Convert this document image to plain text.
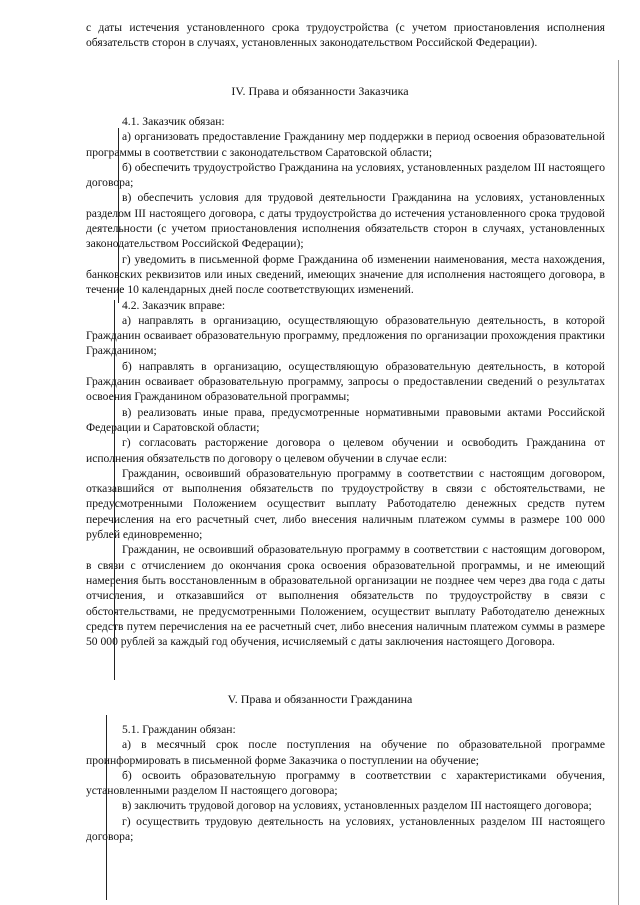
с даты истечения установленного срока трудоустройства (с учетом приостановления исполнения обязательств сторон в случаях, установленных законодательством Российской Федерации).

IV. Права и обязанности Заказчика

4.1. Заказчик обязан:

а) организовать предоставление Гражданину мер поддержки в период освоения образовательной программы в соответствии с законодательством Саратовской области;

б) обеспечить трудоустройство Гражданина на условиях, установленных разделом III настоящего договора;

в) обеспечить условия для трудовой деятельности Гражданина на условиях, установленных разделом III настоящего договора, с даты трудоустройства до истечения установленного срока трудовой деятельности (с учетом приостановления исполнения обязательств сторон в случаях, установленных законодательством Российской Федерации);

г) уведомить в письменной форме Гражданина об изменении наименования, места нахождения, банковских реквизитов или иных сведений, имеющих значение для исполнения настоящего договора, в течение 10 календарных дней после соответствующих изменений.

4.2. Заказчик вправе:

а) направлять в организацию, осуществляющую образовательную деятельность, в которой Гражданин осваивает образовательную программу, предложения по организации прохождения практики Гражданином;

б) направлять в организацию, осуществляющую образовательную деятельность, в которой Гражданин осваивает образовательную программу, запросы о предоставлении сведений о результатах освоения Гражданином образовательной программы;

в) реализовать иные права, предусмотренные нормативными правовыми актами Российской Федерации и Саратовской области;

г) согласовать расторжение договора о целевом обучении и освободить Гражданина от исполнения обязательств по договору о целевом обучении в случае если:

Гражданин, освоивший образовательную программу в соответствии с настоящим договором, отказавшийся от выполнения обязательств по трудоустройству в связи с обстоятельствами, не предусмотренными Положением осуществит выплату Работодателю денежных средств путем перечисления на его расчетный счет, либо внесения наличным платежом суммы в размере 100 000 рублей единовременно;

Гражданин, не освоивший образовательную программу в соответствии с настоящим договором, в связи с отчислением до окончания срока освоения образовательной программы, и не имеющий намерения быть восстановленным в образовательной организации не позднее чем через два года с даты отчисления, и отказавшийся от выполнения обязательств по трудоустройству в связи с обстоятельствами, не предусмотренными Положением, осуществит выплату Работодателю денежных средств путем перечисления на ее расчетный счет, либо внесения наличным платежом суммы в размере 50 000 рублей за каждый год обучения, исчисляемый с даты заключения настоящего Договора.

V. Права и обязанности Гражданина

5.1. Гражданин обязан:

а) в месячный срок после поступления на обучение по образовательной программе проинформировать в письменной форме Заказчика о поступлении на обучение;

б) освоить образовательную программу в соответствии с характеристиками обучения, установленными разделом II настоящего договора;

в) заключить трудовой договор на условиях, установленных разделом III настоящего договора;

г) осуществить трудовую деятельность на условиях, установленных разделом III настоящего договора;
